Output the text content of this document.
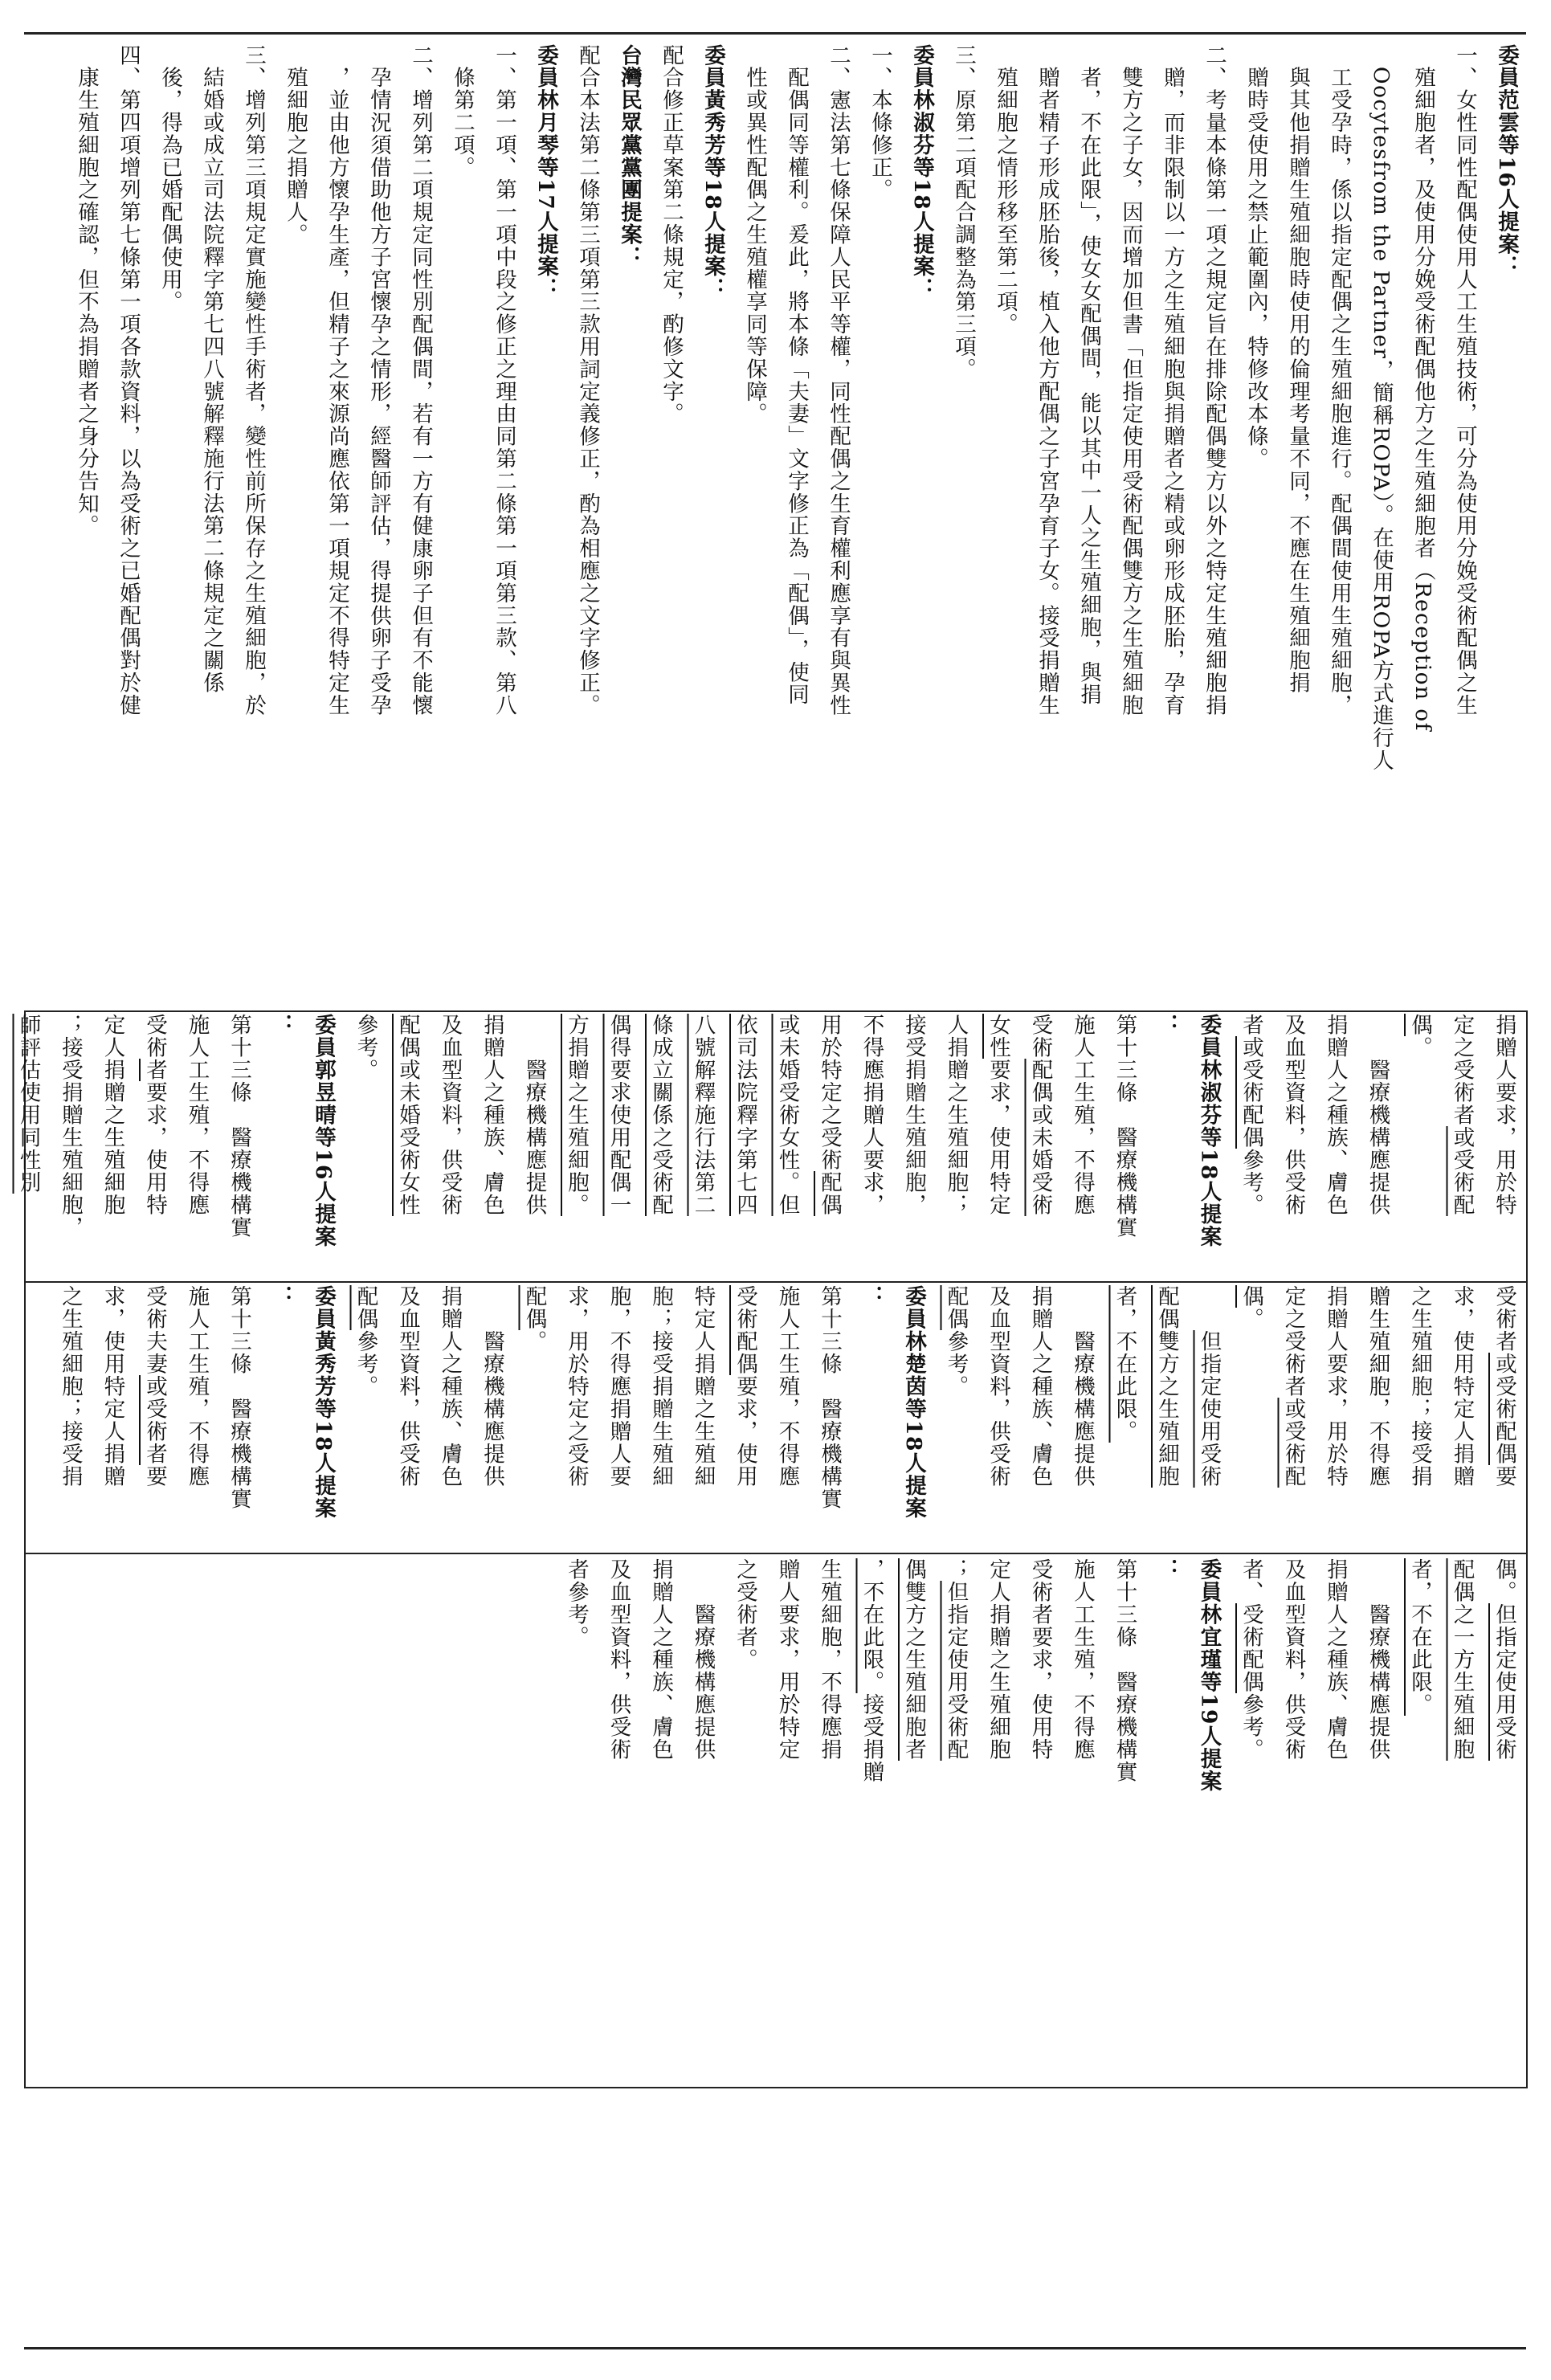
委員范雲等16人提案：
一、女性同性配偶使用人工生殖技術，可分為使用分娩受術配偶之生
　殖細胞者，及使用分娩受術配偶他方之生殖細胞者（Reception of
　Oocytesfrom the Partner，簡稱ROPA）。在使用ROPA方式進行人
　工受孕時，係以指定配偶之生殖細胞進行。配偶間使用生殖細胞，
　與其他捐贈生殖細胞時使用的倫理考量不同，不應在生殖細胞捐
　贈時受使用之禁止範圍內，特修改本條。
二、考量本條第一項之規定旨在排除配偶雙方以外之特定生殖細胞捐
　贈，而非限制以一方之生殖細胞與捐贈者之精或卵形成胚胎，孕育
　雙方之子女，因而增加但書「但指定使用受術配偶雙方之生殖細胞
　者，不在此限」，使女女配偶間，能以其中一人之生殖細胞，與捐
　贈者精子形成胚胎後，植入他方配偶之子宮孕育子女。接受捐贈生
　殖細胞之情形移至第二項。
三、原第二項配合調整為第三項。
委員林淑芬等18人提案：
一、本條修正。
二、憲法第七條保障人民平等權，同性配偶之生育權利應享有與異性
　配偶同等權利。爰此，將本條「夫妻」文字修正為「配偶」，使同
　性或異性配偶之生殖權享同等保障。
委員黃秀芳等18人提案：
配合修正草案第二條規定，酌修文字。
台灣民眾黨黨團提案：
配合本法第二條第三項第三款用詞定義修正，酌為相應之文字修正。
委員林月琴等17人提案：
一、第一項、第一項中段之修正之理由同第二條第一項第三款、第八
　條第二項。
二、增列第二項規定同性別配偶間，若有一方有健康卵子但有不能懷
　孕情況須借助他方子宮懷孕之情形，經醫師評估，得提供卵子受孕
　，並由他方懷孕生產，但精子之來源尚應依第一項規定不得特定生
　殖細胞之捐贈人。
三、增列第三項規定實施變性手術者，變性前所保存之生殖細胞，於
　結婚或成立司法院釋字第七四八號解釋施行法第二條規定之關係
　後，得為已婚配偶使用。
四、第四項增列第七條第一項各款資料，以為受術之已婚配偶對於健
　康生殖細胞之確認，但不為捐贈者之身分告知。
偶。但指定使用受術
配偶之一方生殖細胞
者，不在此限。
　　醫療機構應提供
捐贈人之種族、膚色
及血型資料，供受術
者、受術配偶參考。
委員林宜瑾等19人提案
：
第十三條　醫療機構實
施人工生殖，不得應
受術者要求，使用特
定人捐贈之生殖細胞
；但指定使用受術配
偶雙方之生殖細胞者
，不在此限。接受捐贈
生殖細胞，不得應捐
贈人要求，用於特定
之受術者。
　　醫療機構應提供
捐贈人之種族、膚色
及血型資料，供受術
者參考。
受術者或受術配偶要
求，使用特定人捐贈
之生殖細胞；接受捐
贈生殖細胞，不得應
捐贈人要求，用於特
定之受術者或受術配
偶。
　　但指定使用受術
配偶雙方之生殖細胞
者，不在此限。
　　醫療機構應提供
捐贈人之種族、膚色
及血型資料，供受術
配偶參考。
委員林楚茵等18人提案
：
第十三條　醫療機構實
施人工生殖，不得應
受術配偶要求，使用
特定人捐贈之生殖細
胞；接受捐贈生殖細
胞，不得應捐贈人要
求，用於特定之受術
配偶。
　　醫療機構應提供
捐贈人之種族、膚色
及血型資料，供受術
配偶參考。
委員黃秀芳等18人提案
：
第十三條　醫療機構實
施人工生殖，不得應
受術夫妻或受術者要
求，使用特定人捐贈
之生殖細胞；接受捐
捐贈人要求，用於特
定之受術者或受術配
偶。
　　醫療機構應提供
捐贈人之種族、膚色
及血型資料，供受術
者或受術配偶參考。
委員林淑芬等18人提案
：
第十三條　醫療機構實
施人工生殖，不得應
受術配偶或未婚受術
女性要求，使用特定
人捐贈之生殖細胞；
接受捐贈生殖細胞，
不得應捐贈人要求，
用於特定之受術配偶
或未婚受術女性。但
依司法院釋字第七四
八號解釋施行法第二
條成立關係之受術配
偶得要求使用配偶一
方捐贈之生殖細胞。
　　醫療機構應提供
捐贈人之種族、膚色
及血型資料，供受術
配偶或未婚受術女性
參考。
委員郭昱晴等16人提案
：
第十三條　醫療機構實
施人工生殖，不得應
受術者要求，使用特
定人捐贈之生殖細胞
；接受捐贈生殖細胞，
師評估使用同性別
